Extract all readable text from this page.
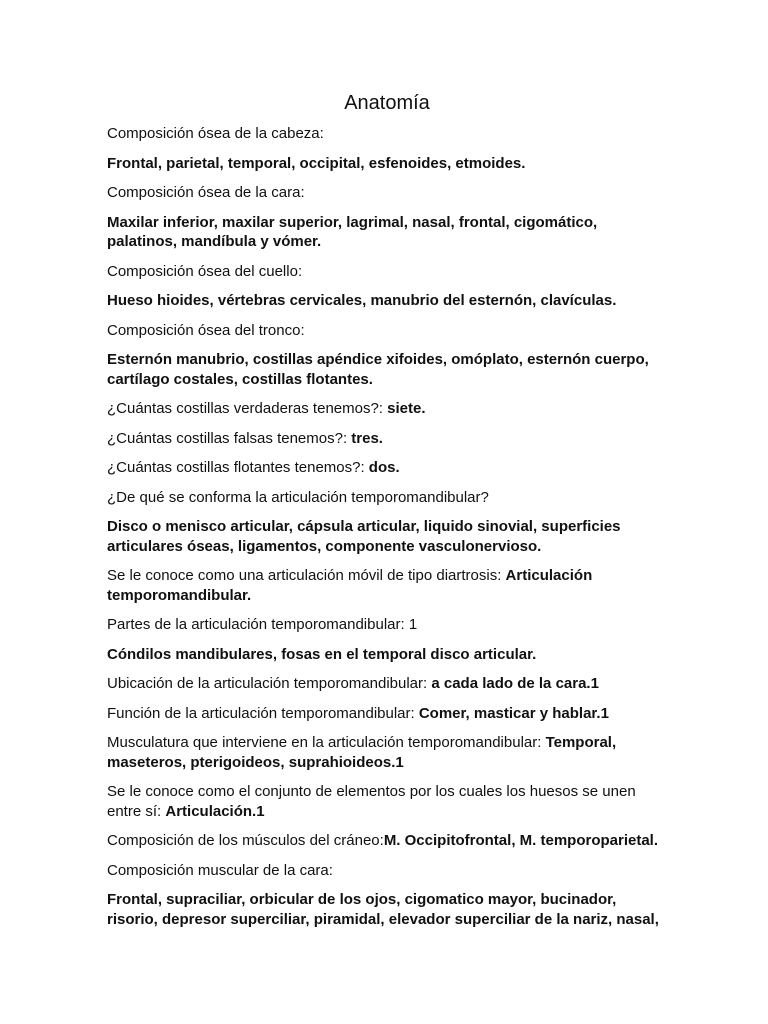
Anatomía

Composición ósea de la cabeza:

Frontal, parietal, temporal, occipital, esfenoides, etmoides.

Composición ósea de la cara:

Maxilar inferior, maxilar superior, lagrimal, nasal, frontal, cigomático, palatinos, mandíbula y vómer.

Composición ósea del cuello:

Hueso hioides, vértebras cervicales, manubrio del esternón, clavículas.

Composición ósea del tronco:

Esternón manubrio, costillas apéndice xifoides, omóplato, esternón cuerpo, cartílago costales, costillas flotantes.

¿Cuántas costillas verdaderas tenemos?: siete.

¿Cuántas costillas falsas tenemos?: tres.

¿Cuántas costillas flotantes tenemos?: dos.

¿De qué se conforma la articulación temporomandibular?

Disco o menisco articular, cápsula articular, liquido sinovial, superficies articulares óseas, ligamentos, componente vasculonervioso.

Se le conoce como una articulación móvil de tipo diartrosis: Articulación temporomandibular.

Partes de la articulación temporomandibular: 1

Cóndilos mandibulares, fosas en el temporal disco articular.

Ubicación de la articulación temporomandibular: a cada lado de la cara.1

Función de la articulación temporomandibular: Comer, masticar y hablar.1

Musculatura que interviene en la articulación temporomandibular: Temporal, maseteros, pterigoideos, suprahioideos.1

Se le conoce como el conjunto de elementos por los cuales los huesos se unen entre sí: Articulación.1

Composición de los músculos del cráneo:M. Occipitofrontal, M. temporoparietal.

Composición muscular de la cara:

Frontal, supraciliar, orbicular de los ojos, cigomatico mayor, bucinador, risorio, depresor superciliar, piramidal, elevador superciliar de la nariz, nasal,
